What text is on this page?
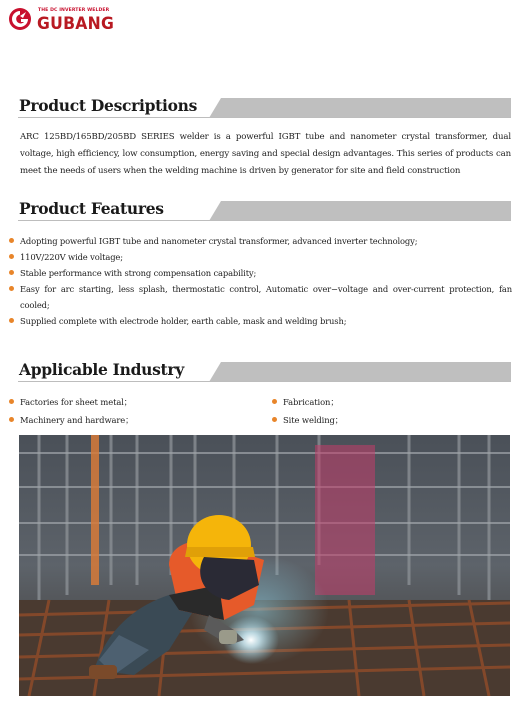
THE DC INVERTER WELDER
GUBANG
Product Descriptions
ARC 125BD/165BD/205BD SERIES welder is a powerful IGBT tube and nanometer crystal transformer, dual voltage, high efficiency, low consumption, energy saving and special design advantages. This series of products can meet the needs of users when the welding machine is driven by generator for site and field construction
Product Features
Adopting powerful IGBT tube and nanometer crystal transformer, advanced inverter technology;
110V/220V wide voltage;
Stable performance with strong compensation capability;
Easy for arc starting, less splash, thermostatic control, Automatic over−voltage and over-current protection, fan cooled;
Supplied complete with electrode holder, earth cable, mask and welding brush;
Applicable Industry
Factories for sheet metal；	Fabrication；
Machinery and hardware；	Site welding；
